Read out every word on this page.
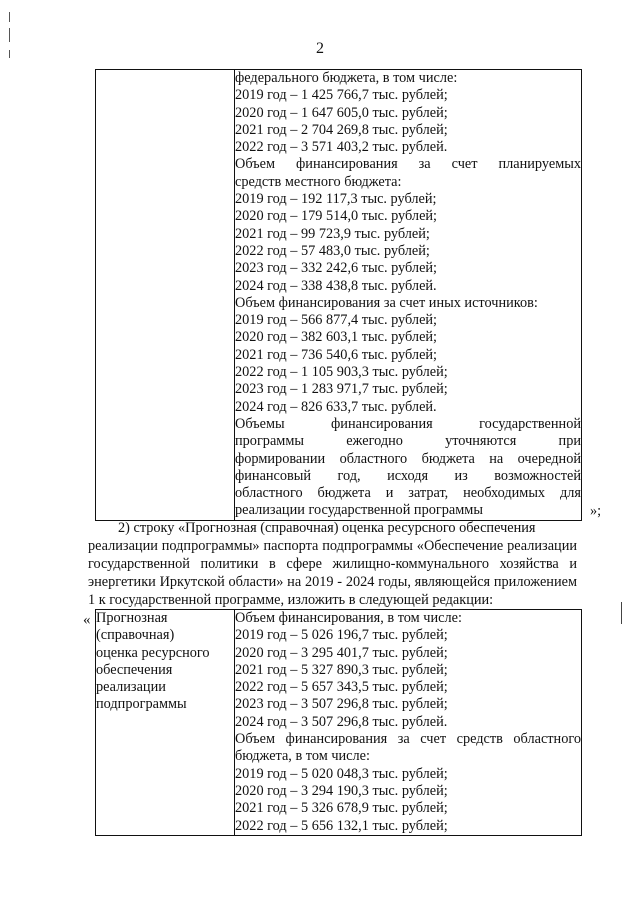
2

федерального бюджета, в том числе:
2019 год – 1 425 766,7 тыс. рублей;
2020 год – 1 647 605,0 тыс. рублей;
2021 год – 2 704 269,8 тыс. рублей;
2022 год – 3 571 403,2 тыс. рублей.
Объем финансирования за счет планируемых
средств местного бюджета:
2019 год – 192 117,3 тыс. рублей;
2020 год – 179 514,0 тыс. рублей;
2021 год – 99 723,9 тыс. рублей;
2022 год – 57 483,0 тыс. рублей;
2023 год – 332 242,6 тыс. рублей;
2024 год – 338 438,8 тыс. рублей.
Объем финансирования за счет иных источников:
2019 год – 566 877,4 тыс. рублей;
2020 год – 382 603,1 тыс. рублей;
2021 год – 736 540,6 тыс. рублей;
2022 год – 1 105 903,3 тыс. рублей;
2023 год – 1 283 971,7 тыс. рублей;
2024 год – 826 633,7 тыс. рублей.
Объемы финансирования государственной
программы ежегодно уточняются при
формировании областного бюджета на очередной
финансовый год, исходя из возможностей
областного бюджета и затрат, необходимых для
реализации государственной программы	»;
2) строку «Прогнозная (справочная) оценка ресурсного обеспечения
реализации подпрограммы» паспорта подпрограммы «Обеспечение реализации
государственной политики в сфере жилищно-коммунального хозяйства и
энергетики Иркутской области» на 2019 - 2024 годы, являющейся приложением
1 к государственной программе, изложить в следующей редакции:
« Прогнозная
(справочная)
оценка ресурсного
обеспечения
реализации
подпрограммы

Объем финансирования, в том числе:
2019 год – 5 026 196,7 тыс. рублей;
2020 год – 3 295 401,7 тыс. рублей;
2021 год – 5 327 890,3 тыс. рублей;
2022 год – 5 657 343,5 тыс. рублей;
2023 год – 3 507 296,8 тыс. рублей;
2024 год – 3 507 296,8 тыс. рублей.
Объем финансирования за счет средств областного
бюджета, в том числе:
2019 год – 5 020 048,3 тыс. рублей;
2020 год – 3 294 190,3 тыс. рублей;
2021 год – 5 326 678,9 тыс. рублей;
2022 год – 5 656 132,1 тыс. рублей;
